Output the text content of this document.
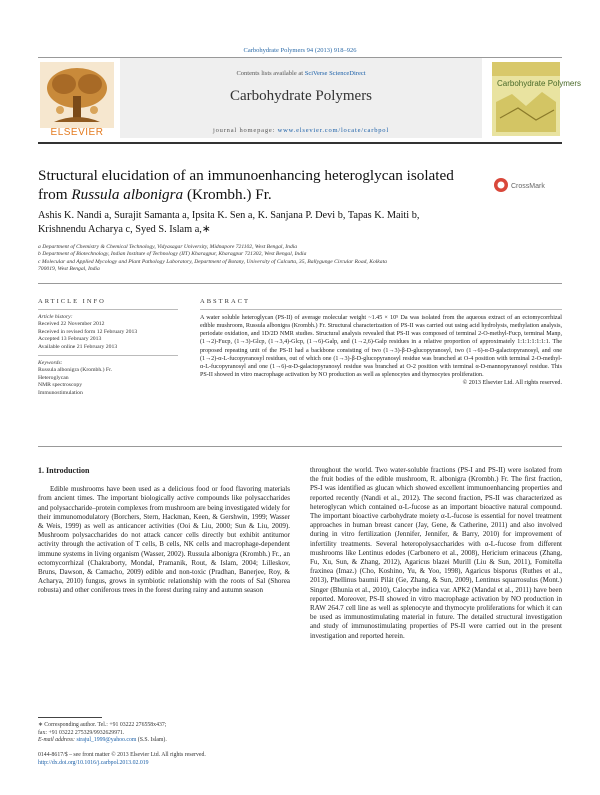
Carbohydrate Polymers 94 (2013) 918–926
ELSEVIER
Contents lists available at SciVerse ScienceDirect
Carbohydrate Polymers
journal homepage: www.elsevier.com/locate/carbpol
Carbohydrate Polymers
Structural elucidation of an immunoenhancing heteroglycan isolated from Russula albonigra (Krombh.) Fr.	CrossMark
Ashis K. Nandi a, Surajit Samanta a, Ipsita K. Sen a, K. Sanjana P. Devi b, Tapas K. Maiti b,
Krishnendu Acharya c, Syed S. Islam a,∗

a Department of Chemistry & Chemical Technology, Vidyasagar University, Midnapore 721102, West Bengal, India

b Department of Biotechnology, Indian Institute of Technology (IIT) Kharagpur, Kharagpur 721302, West Bengal, India

c Molecular and Applied Mycology and Plant Pathology Laboratory, Department of Botany, University of Calcutta, 35, Ballygunge Circular Road, Kolkata

700019, West Bengal, India

ARTICLE INFO
Article history:
Received 22 November 2012
Received in revised form 12 February 2013
Accepted 13 February 2013
Available online 21 February 2013
Keywords:
Russula albonigra (Krombh.) Fr.
Heteroglycan
NMR spectroscopy
Immunostimulation
ABSTRACT
A water soluble heteroglycan (PS-II) of average molecular weight ~1.45 × 10⁵ Da was isolated from the aqueous extract of an ectomycorrhizal edible mushroom, Russula albonigra (Krombh.) Fr. Structural characterization of PS-II was carried out using acid hydrolysis, methylation analysis, periodate oxidation, and 1D/2D NMR studies. Structural analysis revealed that PS-II was composed of terminal 2-O-methyl-Fucp, terminal Manp, (1→2)-Fucp, (1→3)-Glcp, (1→3,4)-Glcp, (1→6)-Galp, and (1→2,6)-Galp residues in a relative proportion of approximately 1:1:1:1:1:1:1. The proposed repeating unit of the PS-II had a backbone consisting of two (1→3)-β-D-glucopyranosyl, two (1→6)-α-D-galactopyranosyl, and one (1→2)-α-L-fucopyranosyl residues, out of which one (1→3)-β-D-glucopyranosyl residue was branched at O-4 position with terminal 2-O-methyl-α-L-fucopyranosyl and one (1→6)-α-D-galactopyranosyl residue was branched at O-2 position with terminal α-D-mannopyranosyl residue. This PS-II showed in vitro macrophage activation by NO production as well as splenocytes and thymocytes proliferation.
© 2013 Elsevier Ltd. All rights reserved.
1. Introduction

Edible mushrooms have been used as a delicious food or food flavoring materials from ancient times. The important biologically active compounds like polysaccharides and polysaccharide–protein complexes from mushroom are being investigated widely for their immunomodulatory (Borchers, Stern, Hackman, Keen, & Gershwin, 1999; Wasser & Weis, 1999) as well as anticancer activities (Ooi & Liu, 2000; Sun & Liu, 2009). Mushroom polysaccharides do not attack cancer cells directly but exhibit antitumor activity through the activation of T cells, B cells, NK cells and macrophage-dependent immune systems in living organism (Wasser, 2002). Russula albonigra (Krombh.) Fr., an ectomycorrhizal (Chakraborty, Mondal, Pramanik, Rout, & Islam, 2004; Lilleskov, Bruns, Dawson, & Camacho, 2009) edible and non-toxic (Pradhan, Banerjee, Roy, & Acharya, 2010) fungus, grows in symbiotic relationship with the roots of Sal (Shorea robusta) and other coniferous trees in the forest during rainy and autumn season

throughout the world. Two water-soluble fractions (PS-I and PS-II) were isolated from the fruit bodies of the edible mushroom, R. albonigra (Krombh.) Fr. The first fraction, PS-I was identified as glucan which showed excellent immunoenhancing properties and reported recently (Nandi et al., 2012). The second fraction, PS-II was characterized as heteroglycan which contained α-L-fucose as an important bioactive natural compound. The important bioactive carbohydrate moiety α-L-fucose is essential for novel treatment approaches in human breast cancer (Jay, Gene, & Catherine, 2011) and also involved during in vitro fertilization (Jennifer, Jennifer, & Barry, 2010) for improvement of infertility treatments. Several heteropolysaccharides with α-L-fucose from different mushrooms like Lentinus edodes (Carbonero et al., 2008), Hericium erinaceus (Zhang, Fu, Xu, Sun, & Zhang, 2012), Agaricus blazei Murill (Liu & Sun, 2011), Fomitella fraxinea (Imaz.) (Cho, Koshino, Yu, & Yoo, 1998), Agaricus bisporus (Ruthes et al., 2013), Phellinus baumii Pilát (Ge, Zhang, & Sun, 2009), Lentinus squarrosulus (Mont.) Singer (Bhunia et al., 2010), Calocybe indica var. APK2 (Mandal et al., 2011) have been reported. Moreover, PS-II showed in vitro macrophage activation by NO production in RAW 264.7 cell line as well as splenocyte and thymocyte proliferations for which it can be used as immunostimulating material in future. The detailed structural investigation and study of immunostimulating properties of PS-II were carried out in the present investigation and reported herein.

∗ Corresponding author. Tel.: +91 03222 276558x437;

fax: +91 03222 275329/9932629971.

E-mail address: sirajul_1999@yahoo.com (S.S. Islam).

0144-8617/$ – see front matter © 2013 Elsevier Ltd. All rights reserved.

http://dx.doi.org/10.1016/j.carbpol.2013.02.019
